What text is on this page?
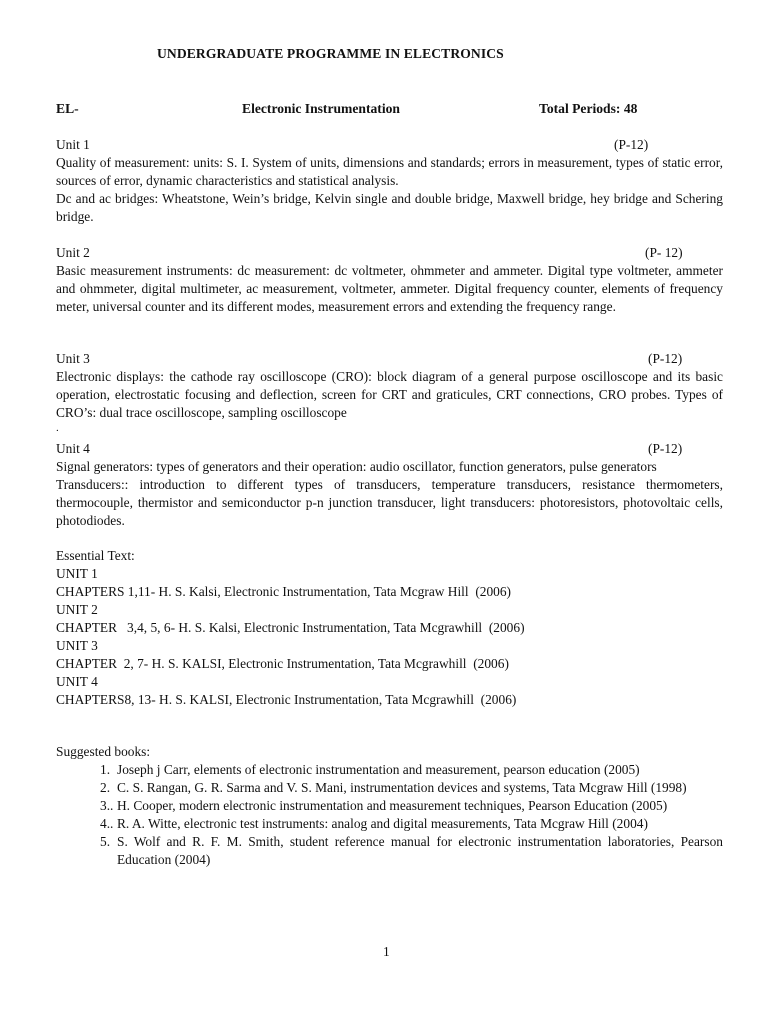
UNDERGRADUATE PROGRAMME IN ELECTRONICS
EL-	Electronic Instrumentation	Total Periods: 48
Unit 1	(P-12)
Quality of measurement: units: S. I. System of units, dimensions and standards; errors in measurement, types of static error, sources of error, dynamic characteristics and statistical analysis.
Dc and ac bridges: Wheatstone, Wein’s bridge, Kelvin single and double bridge, Maxwell bridge, hey bridge and Schering bridge.
Unit 2	(P- 12)
Basic measurement instruments: dc measurement: dc voltmeter, ohmmeter and ammeter. Digital type voltmeter, ammeter and ohmmeter, digital multimeter, ac measurement, voltmeter, ammeter. Digital frequency counter, elements of frequency meter, universal counter and its different modes, measurement errors and extending the frequency range.
Unit 3	(P-12)
Electronic displays: the cathode ray oscilloscope (CRO): block diagram of a general purpose oscilloscope and its basic operation, electrostatic focusing and deflection, screen for CRT and graticules, CRT connections, CRO probes. Types of CRO’s: dual trace oscilloscope, sampling oscilloscope
.
Unit 4	(P-12)
Signal generators: types of generators and their operation: audio oscillator, function generators, pulse generators
Transducers:: introduction to different types of transducers, temperature transducers, resistance thermometers, thermocouple, thermistor and semiconductor p-n junction transducer, light transducers: photoresistors, photovoltaic cells, photodiodes.
Essential Text:
UNIT 1
CHAPTERS 1,11- H. S. Kalsi, Electronic Instrumentation, Tata Mcgraw Hill  (2006)
UNIT 2
CHAPTER   3,4, 5, 6- H. S. Kalsi, Electronic Instrumentation, Tata Mcgrawhill  (2006)
UNIT 3
CHAPTER  2, 7- H. S. KALSI, Electronic Instrumentation, Tata Mcgrawhill  (2006)
UNIT 4
CHAPTERS8, 13- H. S. KALSI, Electronic Instrumentation, Tata Mcgrawhill  (2006)
Suggested books:
1. Joseph j Carr, elements of electronic instrumentation and measurement, pearson education (2005)
2. C. S. Rangan, G. R. Sarma and V. S. Mani, instrumentation devices and systems, Tata Mcgraw Hill (1998)
3.. H. Cooper, modern electronic instrumentation and measurement techniques, Pearson Education (2005)
4.. R. A. Witte, electronic test instruments: analog and digital measurements, Tata Mcgraw Hill (2004)
5. S. Wolf and R. F. M. Smith, student reference manual for electronic instrumentation laboratories, Pearson Education (2004)
1
